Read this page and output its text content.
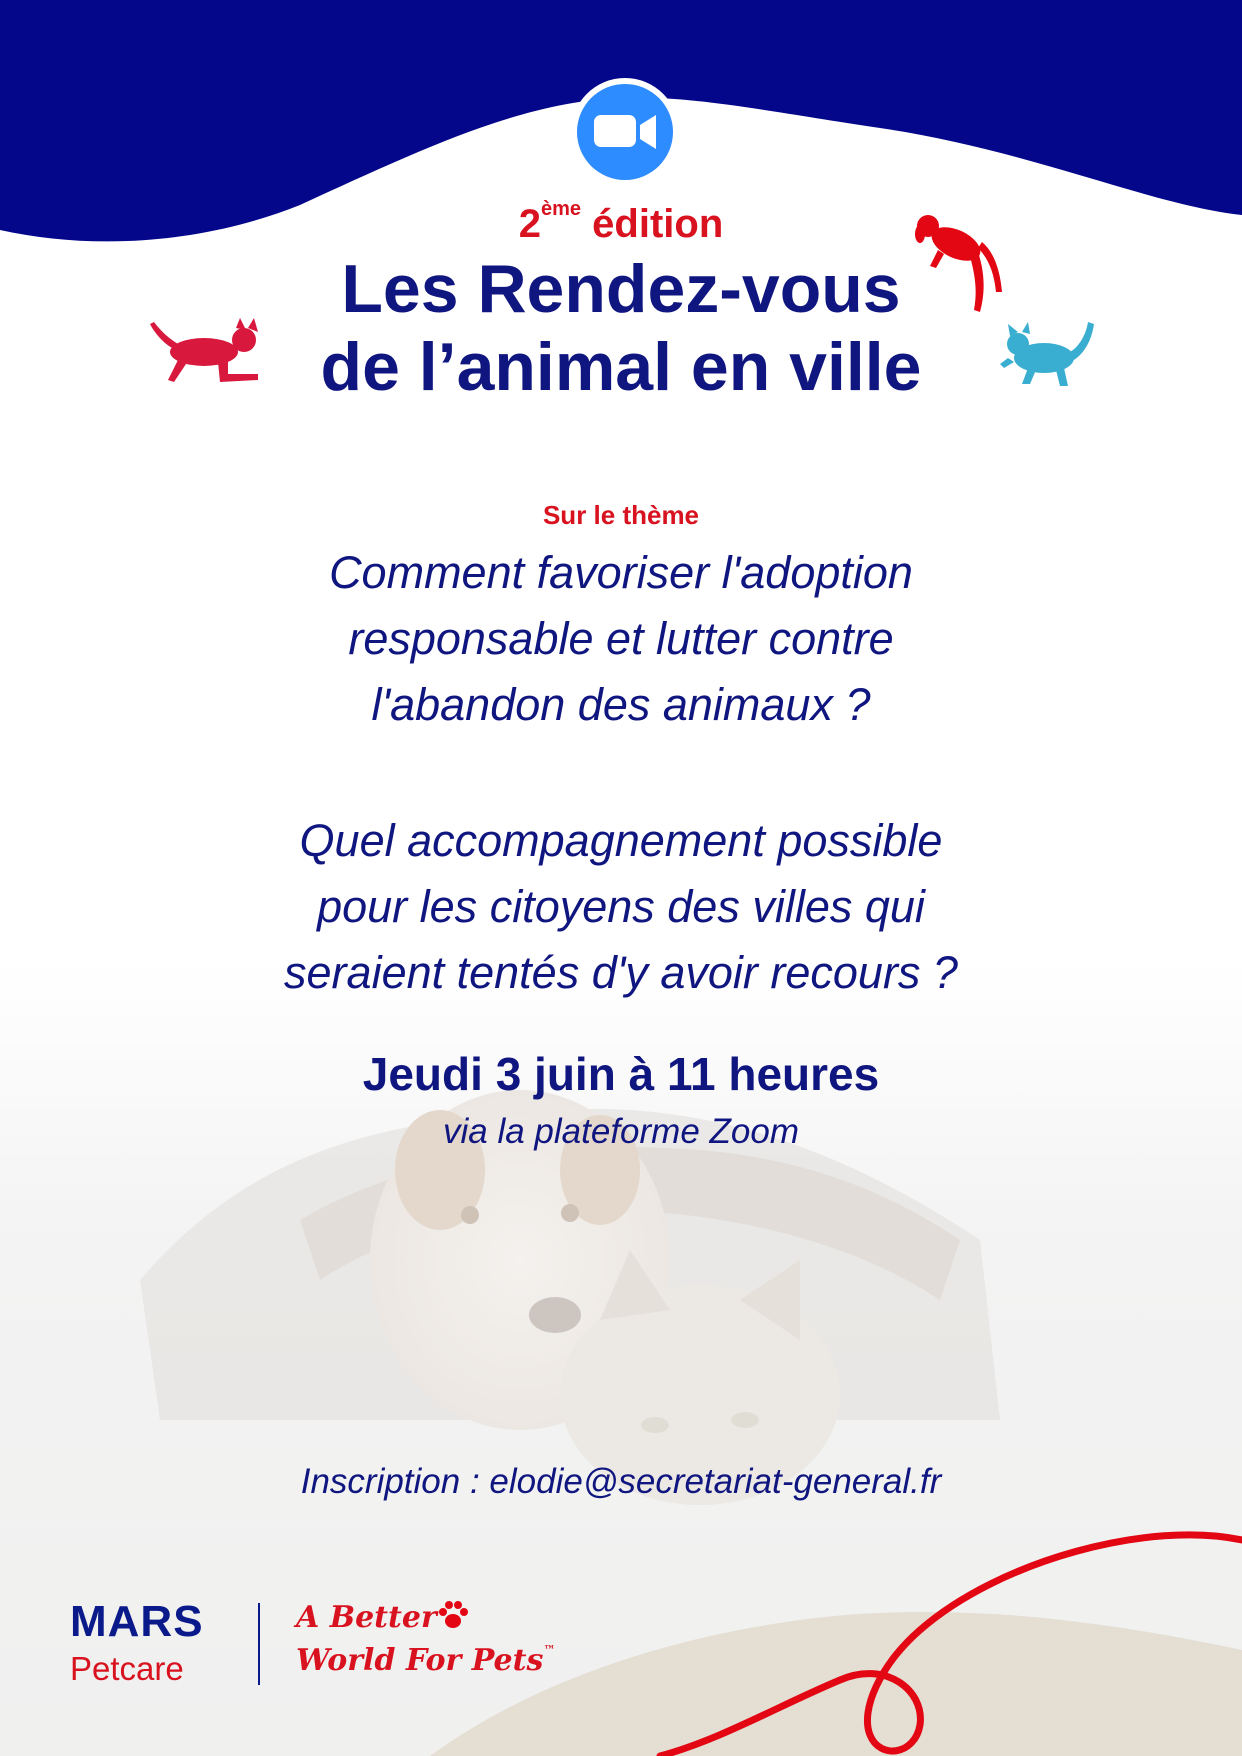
2ème édition
Les Rendez-vous
de l’animal en ville
Sur le thème
Comment favoriser l'adoption
responsable et lutter contre
l'abandon des animaux ?
Quel accompagnement possible
pour les citoyens des villes qui
seraient tentés d'y avoir recours ?
Jeudi 3 juin à 11 heures
via la plateforme Zoom
Inscription : elodie@secretariat-general.fr
MARS
Petcare
A Better
World For Pets™
